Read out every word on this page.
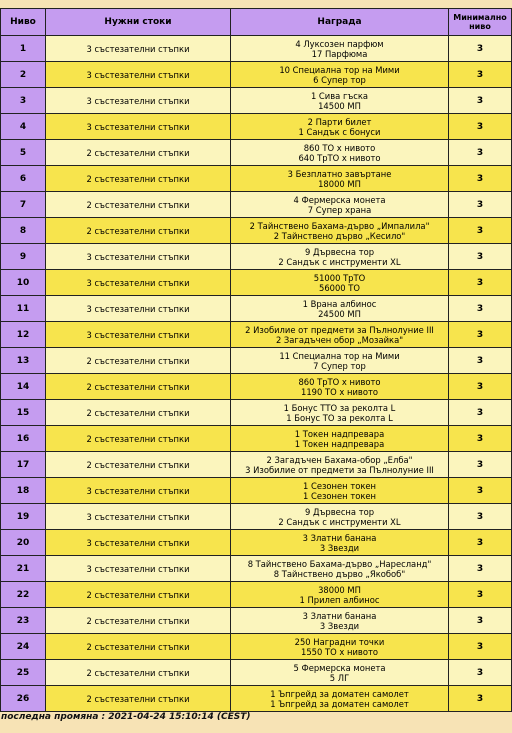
Ниво	Нужни стоки	Награда	Минимално
ниво

1	3 състезателни стъпки	4 Луксозен парфюм
17 Парфюма	3
2	3 състезателни стъпки	10 Специална тор на Мими
6 Супер тор	3
3	3 състезателни стъпки	1 Сива гъска
14500 МП	3
4	3 състезателни стъпки	2 Парти билет
1 Сандък с бонуси	3
5	2 състезателни стъпки	860 ТО x нивото
640 ТрТО x нивото	3
6	2 състезателни стъпки	3 Безплатно завъртане
18000 МП	3
7	2 състезателни стъпки	4 Фермерска монета
7 Супер храна	3
8	2 състезателни стъпки	2 Тайнствено Бахама-дърво „Импалила"
2 Тайнствено дърво „Кесило"	3
9	3 състезателни стъпки	9 Дървесна тор
2 Сандък с инструменти XL	3
10	3 състезателни стъпки	51000 ТрТО
56000 ТО	3
11	3 състезателни стъпки	1 Врана албинос
24500 МП	3
12	3 състезателни стъпки	2 Изобилие от предмети за Пълнолуние III
2 Загадъчен обор „Мозайка"	3
13	2 състезателни стъпки	11 Специална тор на Мими
7 Супер тор	3
14	2 състезателни стъпки	860 ТрТО x нивото
1190 ТО x нивото	3
15	2 състезателни стъпки	1 Бонус ТТО за реколта L
1 Бонус ТО за реколта L	3
16	2 състезателни стъпки	1 Токен надпревара
1 Токен надпревара	3
17	2 състезателни стъпки	2 Загадъчен Бахама-обор „Елба"
3 Изобилие от предмети за Пълнолуние III	3
18	3 състезателни стъпки	1 Сезонен токен
1 Сезонен токен	3
19	3 състезателни стъпки	9 Дървесна тор
2 Сандък с инструменти XL	3
20	3 състезателни стъпки	3 Златни банана
3 Звезди	3
21	3 състезателни стъпки	8 Тайнствено Бахама-дърво „Наресланд"
8 Тайнствено дърво „Якобоб"	3
22	2 състезателни стъпки	38000 МП
1 Прилеп албинос	3
23	2 състезателни стъпки	3 Златни банана
3 Звезди	3
24	2 състезателни стъпки	250 Наградни точки
1550 ТО x нивото	3
25	2 състезателни стъпки	5 Фермерска монета
5 ЛГ	3
26	2 състезателни стъпки	1 Ъпгрейд за доматен самолет
1 Ъпгрейд за доматен самолет	3
последна промяна : 2021-04-24 15:10:14 (CEST)
